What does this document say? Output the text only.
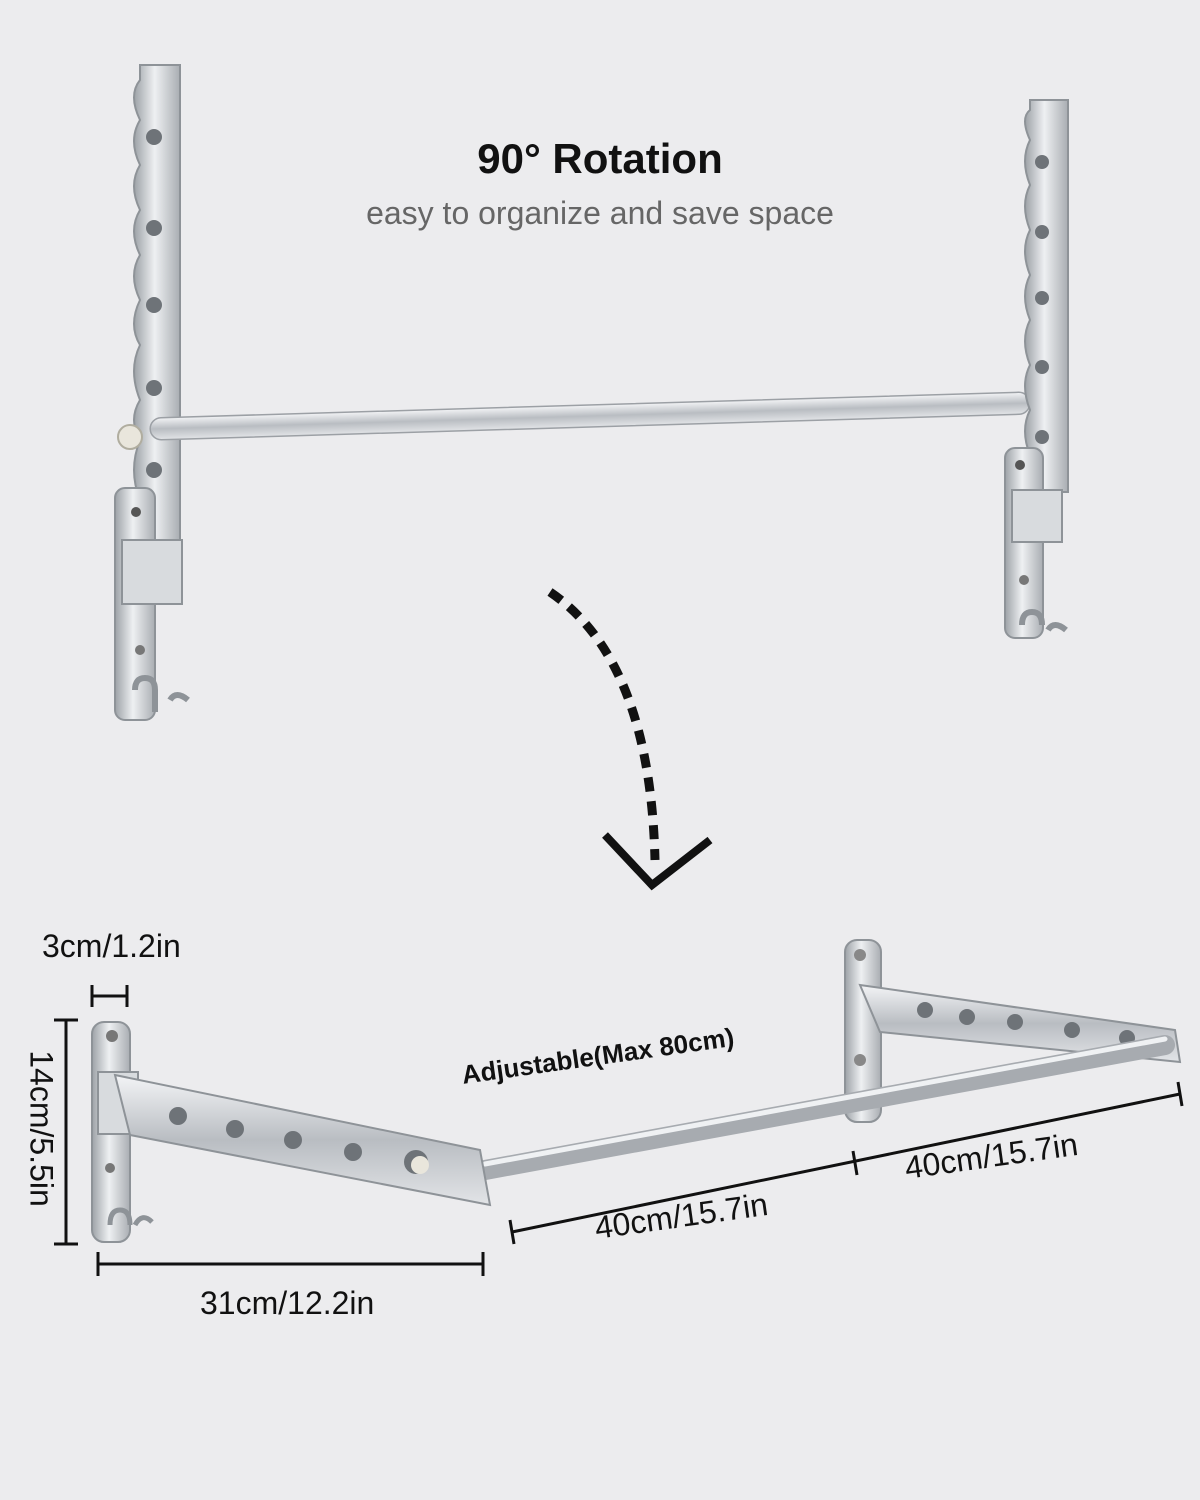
90° Rotation

easy to organize and save space

3cm/1.2in

14cm/5.5in

31cm/12.2in

Adjustable(Max 80cm)

40cm/15.7in

40cm/15.7in
